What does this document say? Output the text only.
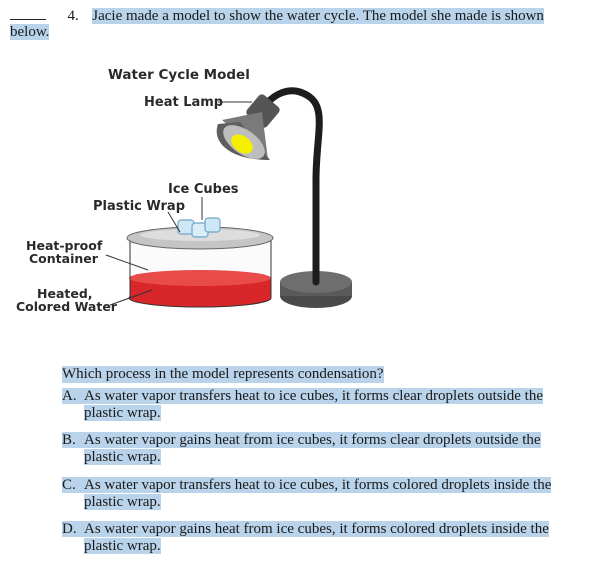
4. Jacie made a model to show the water cycle. The model she made is shown
below.
Water Cycle Model
Heat Lamp
Ice Cubes
Plastic Wrap
Heat-proof
Container
Heated,
Colored Water
Which process in the model represents condensation?
A. As water vapor transfers heat to ice cubes, it forms clear droplets outside the
plastic wrap.
B. As water vapor gains heat from ice cubes, it forms clear droplets outside the
plastic wrap.
C. As water vapor transfers heat to ice cubes, it forms colored droplets inside the
plastic wrap.
D. As water vapor gains heat from ice cubes, it forms colored droplets inside the
plastic wrap.
